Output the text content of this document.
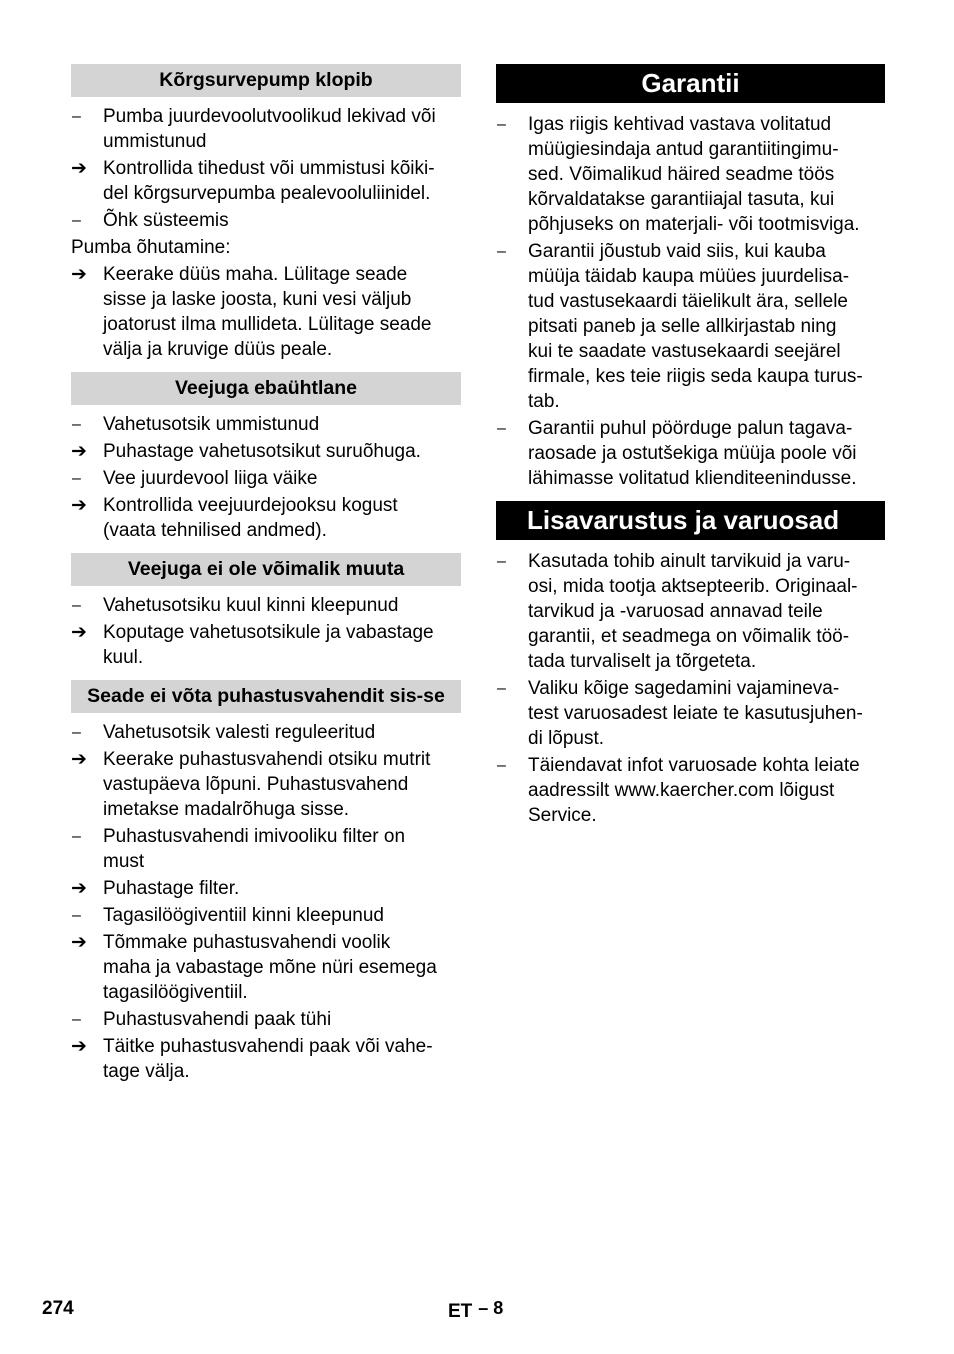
Kõrgsurvepump klopib
–	Pumba juurdevoolutvoolikud lekivad või
ummistunud
➔ Kontrollida tihedust või ummistusi kõiki-
del kõrgsurvepumba pealevooluliinidel.
–	Õhk süsteemis
Pumba õhutamine:
➔ Keerake düüs maha. Lülitage seade
sisse ja laske joosta, kuni vesi väljub
joatorust ilma mullideta. Lülitage seade
välja ja kruvige düüs peale.
Veejuga ebaühtlane
–	Vahetusotsik ummistunud
➔ Puhastage vahetusotsikut suruõhuga.
–	Vee juurdevool liiga väike
➔ Kontrollida veejuurdejooksu kogust
(vaata tehnilised andmed).
Veejuga ei ole võimalik muuta
–	Vahetusotsiku kuul kinni kleepunud
➔ Koputage vahetusotsikule ja vabastage
kuul.
Seade ei võta puhastusvahendit sis-se
–	Vahetusotsik valesti reguleeritud
➔ Keerake puhastusvahendi otsiku mutrit
vastupäeva lõpuni. Puhastusvahend
imetakse madalrõhuga sisse.
–	Puhastusvahendi imivooliku filter on
must
➔ Puhastage filter.
–	Tagasilöögiventiil kinni kleepunud
➔ Tõmmake puhastusvahendi voolik
maha ja vabastage mõne nüri esemega
tagasilöögiventiil.
–	Puhastusvahendi paak tühi
➔ Täitke puhastusvahendi paak või vahe-
tage välja.
Garantii
–	Igas riigis kehtivad vastava volitatud
müügiesindaja antud garantiitingimu-
sed. Võimalikud häired seadme töös
kõrvaldatakse garantiiajal tasuta, kui
põhjuseks on materjali- või tootmisviga.
–	Garantii jõustub vaid siis, kui kauba
müüja täidab kaupa müües juurdelisa-
tud vastusekaardi täielikult ära, sellele
pitsati paneb ja selle allkirjastab ning
kui te saadate vastusekaardi seejärel
firmale, kes teie riigis seda kaupa turus-
tab.
–	Garantii puhul pöörduge palun tagava-
raosade ja ostutšekiga müüja poole või
lähimasse volitatud klienditeenindusse.
Lisavarustus ja varuosad
–	Kasutada tohib ainult tarvikuid ja varu-
osi, mida tootja aktsepteerib. Originaal-
tarvikud ja -varuosad annavad teile
garantii, et seadmega on võimalik töö-
tada turvaliselt ja tõrgeteta.
–	Valiku kõige sagedamini vajamineva-
test varuosadest leiate te kasutusjuhen-
di lõpust.
–	Täiendavat infot varuosade kohta leiate
aadressilt www.kaercher.com lõigust
Service.
274	ET – 8
